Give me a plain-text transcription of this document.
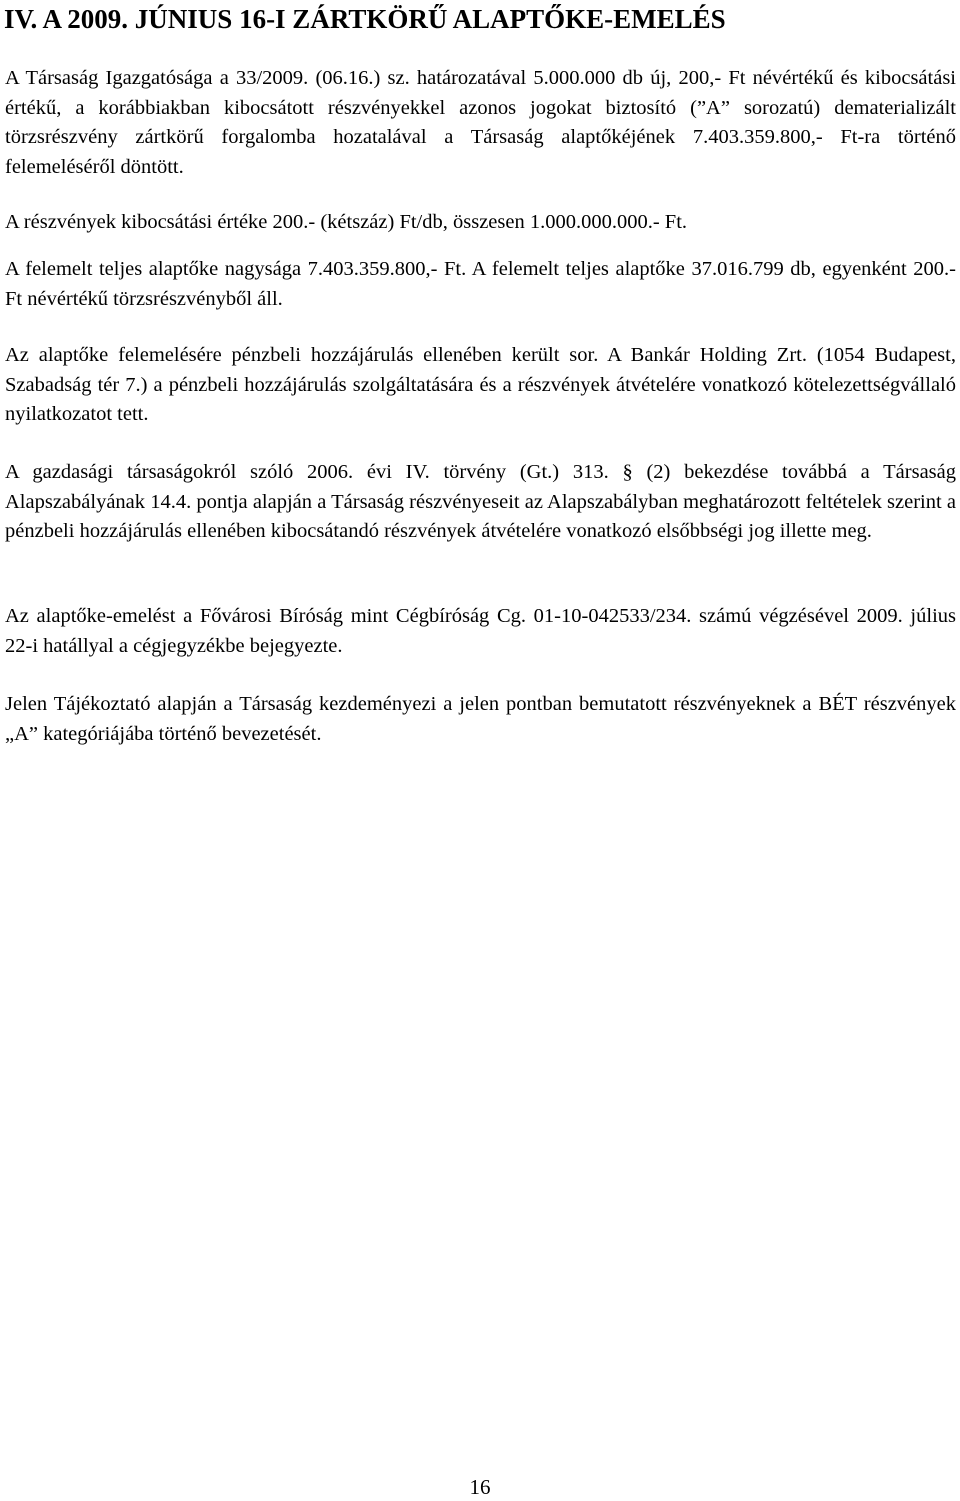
IV. A 2009. JÚNIUS 16-I ZÁRTKÖRŰ ALAPTŐKE-EMELÉS

A Társaság Igazgatósága a 33/2009. (06.16.) sz. határozatával 5.000.000 db új, 200,- Ft névértékű és kibocsátási értékű, a korábbiakban kibocsátott részvényekkel azonos jogokat biztosító (”A” sorozatú) dematerializált törzsrészvény zártkörű forgalomba hozatalával a Társaság alaptőkéjének 7.403.359.800,- Ft-ra történő felemeléséről döntött.

A részvények kibocsátási értéke 200.- (kétszáz) Ft/db, összesen 1.000.000.000.- Ft.

A felemelt teljes alaptőke nagysága 7.403.359.800,- Ft. A felemelt teljes alaptőke 37.016.799 db, egyenként 200.- Ft névértékű törzsrészvényből áll.

Az alaptőke felemelésére pénzbeli hozzájárulás ellenében került sor. A Bankár Holding Zrt. (1054 Budapest, Szabadság tér 7.) a pénzbeli hozzájárulás szolgáltatására és a részvények átvételére vonatkozó kötelezettségvállaló nyilatkozatot tett.

A gazdasági társaságokról szóló 2006. évi IV. törvény (Gt.) 313. § (2) bekezdése továbbá a Társaság Alapszabályának 14.4. pontja alapján a Társaság részvényeseit az Alapszabályban meghatározott feltételek szerint a pénzbeli hozzájárulás ellenében kibocsátandó részvények átvételére vonatkozó elsőbbségi jog illette meg.

Az alaptőke-emelést a Fővárosi Bíróság mint Cégbíróság Cg. 01-10-042533/234. számú végzésével 2009. július 22-i hatállyal a cégjegyzékbe bejegyezte.

Jelen Tájékoztató alapján a Társaság kezdeményezi a jelen pontban bemutatott részvényeknek a BÉT részvények „A” kategóriájába történő bevezetését.

16
